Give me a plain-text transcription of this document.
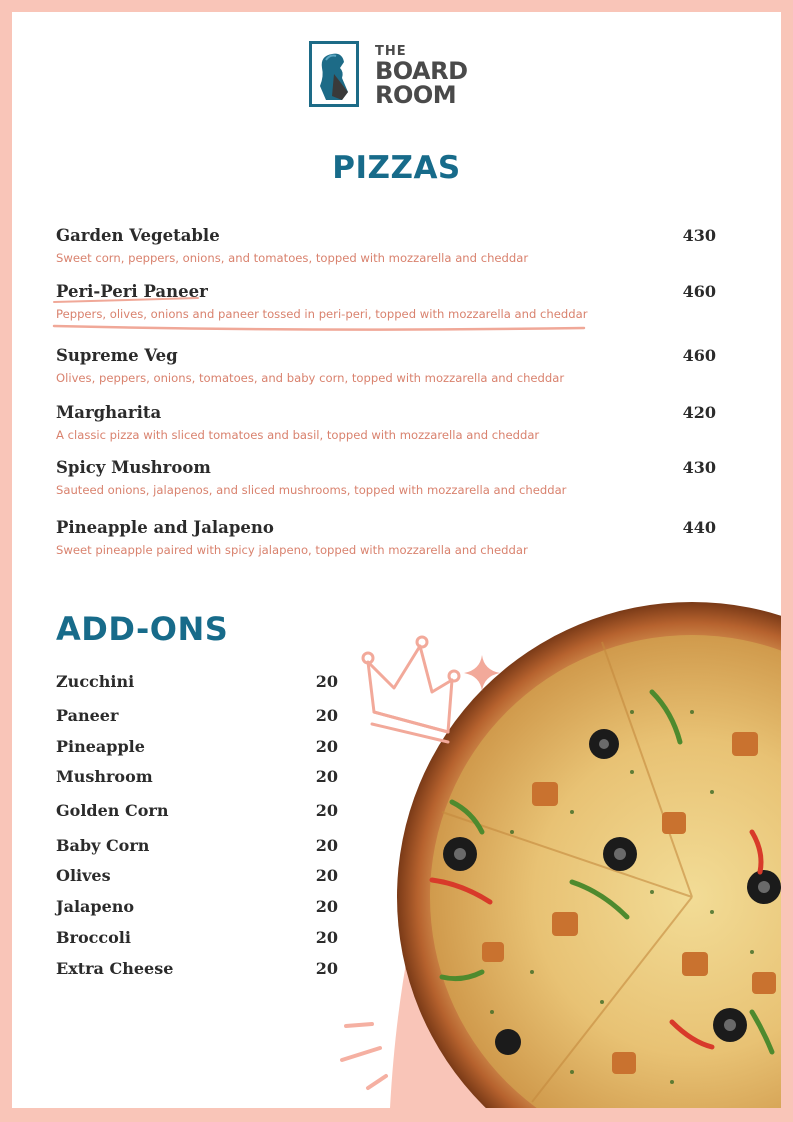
THE
BOARD
ROOM
PIZZAS
Garden Vegetable	430
Sweet corn, peppers, onions, and tomatoes, topped with mozzarella and cheddar
Peri-Peri Paneer	460
Peppers, olives, onions and paneer tossed in peri-peri, topped with mozzarella and cheddar
Supreme Veg	460
Olives, peppers, onions, tomatoes, and baby corn, topped with mozzarella and cheddar
Margharita	420
A classic pizza with sliced tomatoes and basil, topped with mozzarella and cheddar
Spicy Mushroom	430
Sauteed onions, jalapenos, and sliced mushrooms, topped with mozzarella and cheddar
Pineapple and Jalapeno	440
Sweet pineapple paired with spicy jalapeno, topped with mozzarella and cheddar
ADD-ONS
Zucchini	20
Paneer	20
Pineapple	20
Mushroom	20
Golden Corn	20
Baby Corn	20
Olives	20
Jalapeno	20
Broccoli	20
Extra Cheese	20
